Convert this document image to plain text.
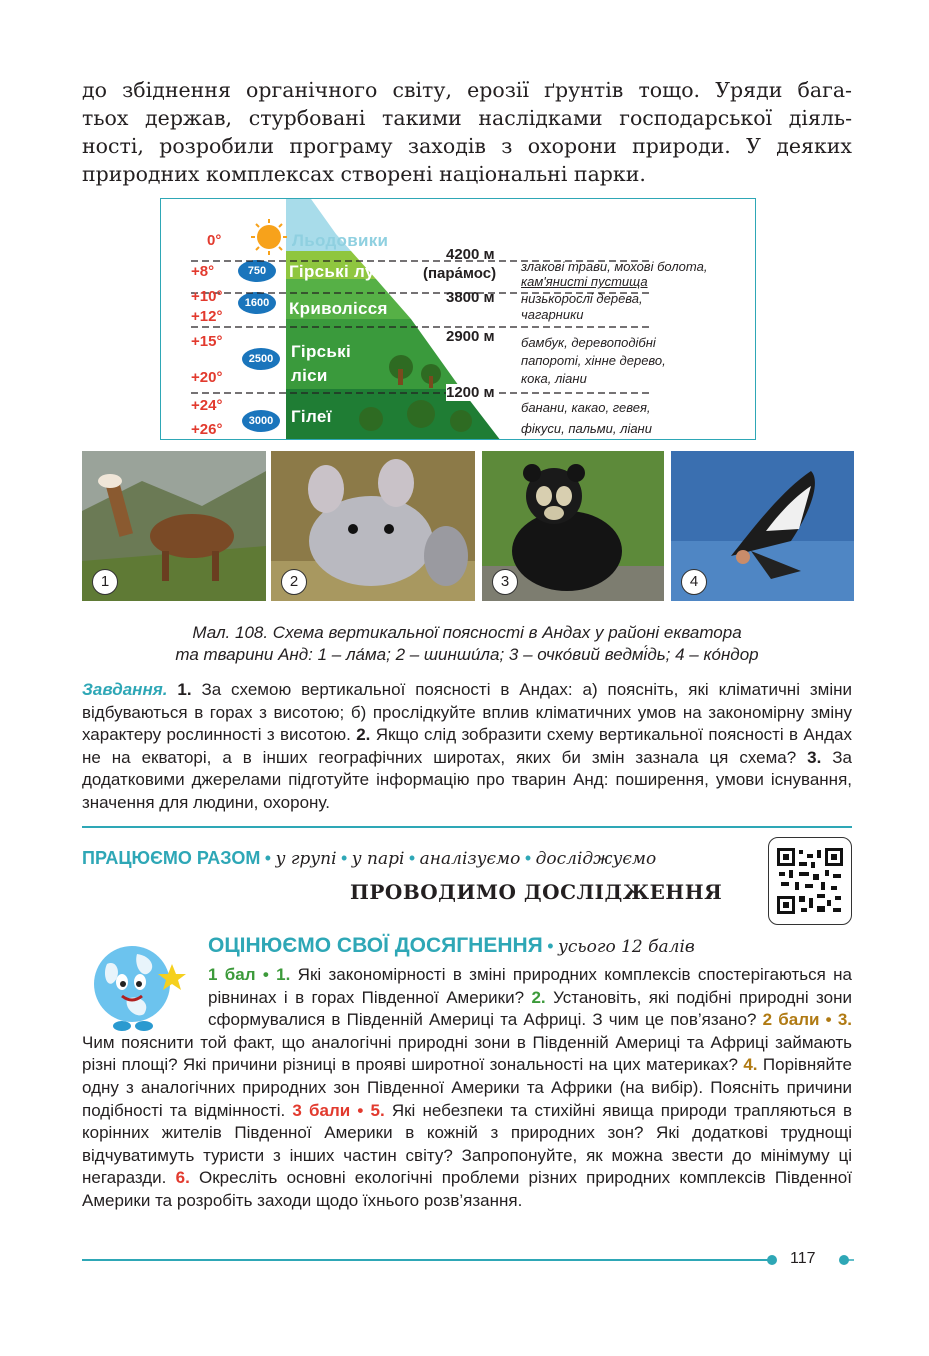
до збіднення органічного світу, ерозії ґрунтів тощо. Уряди бага-

тьох держав, стурбовані такими наслідками господарської діяль-

ності, розробили програму заходів з охорони природи. У деяких

природних комплексах створені національні парки.

0°
+8°
+10°
+12°
+15°
+20°
+24°
+26°
750
1600
2500
3000
Льодовики
Гірські луки
Криволісся
Гірські
ліси
Гілеї
4200 м
(пара́мос)
3800 м
2900 м
1200 м
злакові трави, мохові болота,
кам'янисті пустища
низькорослі дерева,
чагарники
бамбук, деревоподібні
папороті, хінне дерево,
кока, ліани
банани, какао, гевея,
фікуси, пальми, ліани
1	2	3	4
Мал. 108. Схема вертикальної поясності в Андах у районі екватора
та тварини Анд: 1 – ла́ма; 2 – шинши́ла; 3 – очко́вий ведмі́дь; 4 – ко́ндор
Завдання. 1. За схемою вертикальної поясності в Андах: а) поясніть, які кліматичні зміни відбуваються в горах з висотою; б) прослідкуйте вплив кліматичних умов на закономірну зміну характеру рослинності з висотою. 2. Якщо слід зобразити схему вертикальної поясності в Андах не на екваторі, а в інших географічних широтах, яких би змін зазнала ця схема? 3. За додатковими джерелами підготуйте інформацію про тварин Анд: поширення, умови існування, значення для людини, охорону.
ПРАЦЮЄМО РАЗОМ • у групі • у парі • аналізуємо • досліджуємо
ПРОВОДИМО ДОСЛІДЖЕННЯ
ОЦІНЮЄМО СВОЇ ДОСЯГНЕННЯ • усього 12 балів
1 бал • 1. Які закономірності в зміні природних комплексів спостерігаються на рівнинах і в горах Південної Америки? 2. Установіть, які подібні природні зони сформувалися в Південній Америці та Африці. З чим це пов’язано? 2 бали • 3. Чим пояснити той факт, що аналогічні природні зони в Південній Америці та Африці займають різні площі? Які причини різниці в прояві широтної зональності на цих материках? 4. Порівняйте одну з аналогічних природних зон Південної Америки та Африки (на вибір). Поясніть причини подібності та відмінності. 3 бали • 5. Які небезпеки та стихійні явища природи трапляються в корінних жителів Південної Америки в кожній з природних зон? Які додаткові труднощі відчуватимуть туристи з інших частин світу? Запропонуйте, як можна звести до мінімуму ці негаразди. 6. Окресліть основні екологічні проблеми різних природних комплексів Південної Америки та розробіть заходи щодо їхнього розв’язання.
117
